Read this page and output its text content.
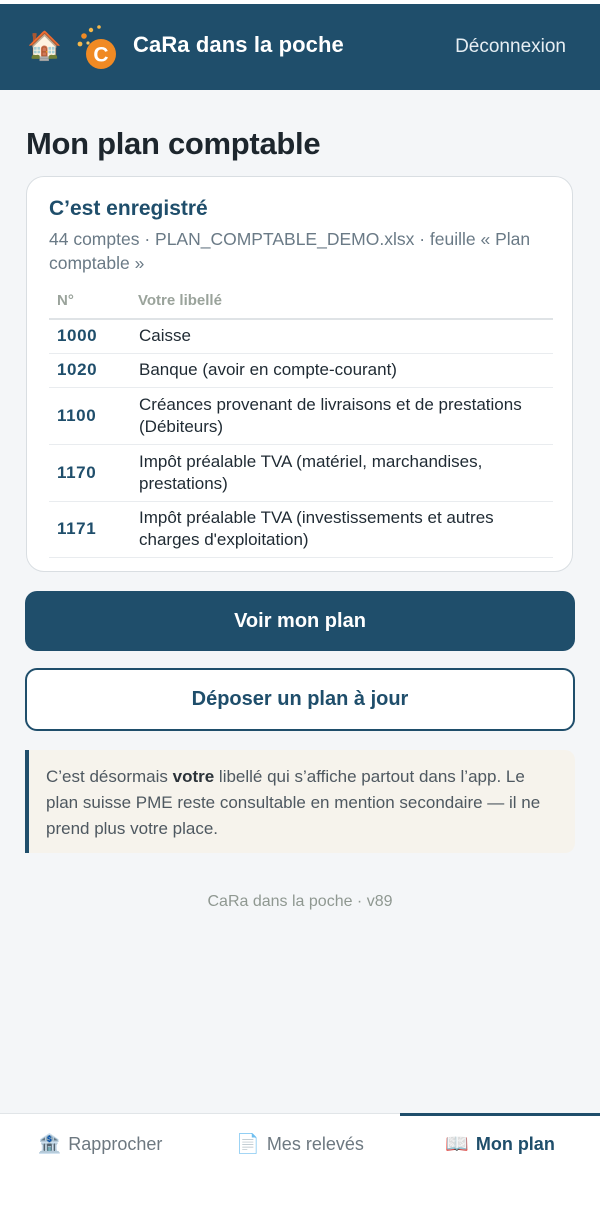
🏠 C CaRa dans la poche	Déconnexion
Mon plan comptable
C’est enregistré
44 comptes · PLAN_COMPTABLE_DEMO.xlsx · feuille « Plan comptable »
N°	Votre libellé
1000	Caisse
1020	Banque (avoir en compte-courant)
1100	Créances provenant de livraisons et de prestations (Débiteurs)
1170	Impôt préalable TVA (matériel, marchandises, prestations)
1171	Impôt préalable TVA (investissements et autres charges d'exploitation)
Voir mon plan
Déposer un plan à jour
C’est désormais votre libellé qui s’affiche partout dans l’app. Le plan suisse PME reste consultable en mention secondaire — il ne prend plus votre place.
CaRa dans la poche · v89
🏦 Rapprocher	📄 Mes relevés	📖 Mon plan
